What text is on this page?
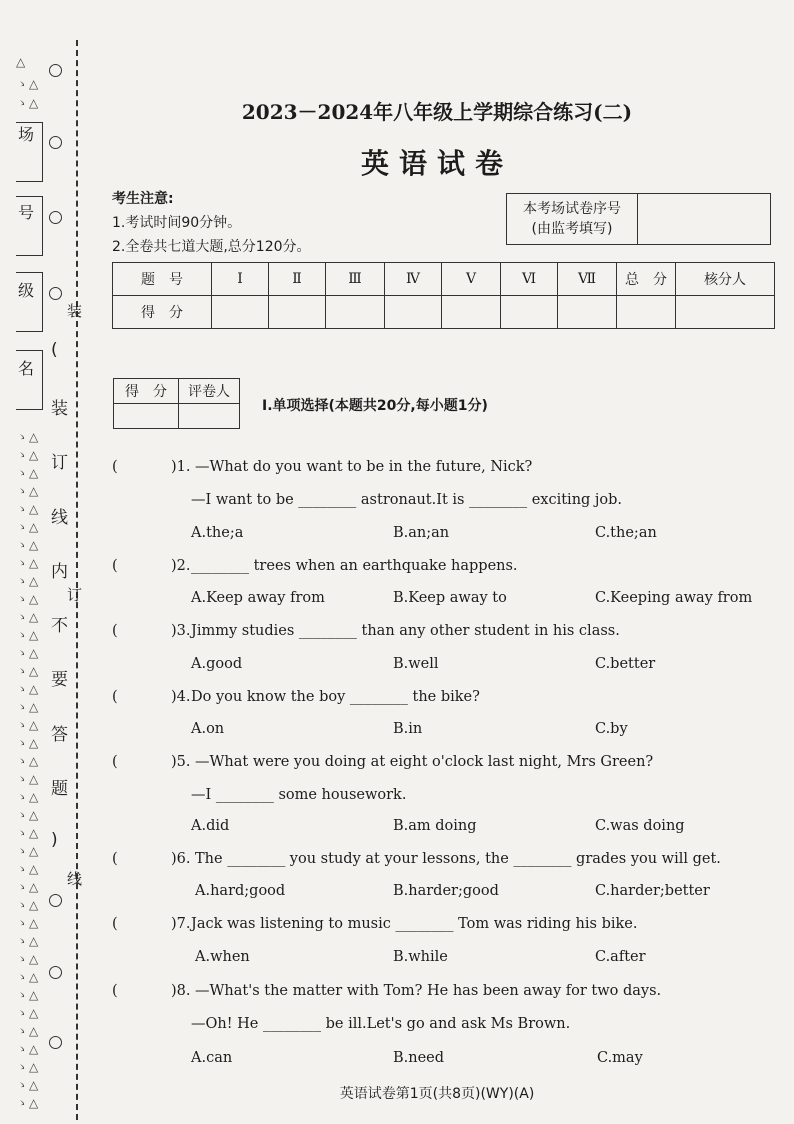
△
ゝ△
ゝ△
场
号
级
名
(
装
订
线
内
不
要
答
题
)
装
订
线
ゝ△
ゝ△
ゝ△
ゝ△
ゝ△
ゝ△
ゝ△
ゝ△
ゝ△
ゝ△
ゝ△
ゝ△
ゝ△
ゝ△
ゝ△
ゝ△
ゝ△
ゝ△
ゝ△
ゝ△
ゝ△
ゝ△
ゝ△
ゝ△
ゝ△
ゝ△
ゝ△
ゝ△
ゝ△
ゝ△
ゝ△
ゝ△
ゝ△
ゝ△
ゝ△
ゝ△
ゝ△
ゝ△
2023－2024年八年级上学期综合练习(二)
英语试卷
考生注意:
1.考试时间90分钟。
2.全卷共七道大题,总分120分。
本考场试卷序号
(由监考填写)

题　号	Ⅰ	Ⅱ	Ⅲ	Ⅳ	Ⅴ	Ⅵ	Ⅶ	总　分	核分人
得　分									
得　分	评卷人

Ⅰ.单项选择(本题共20分,每小题1分)
(	)1. —What do you want to be in the future, Nick?
—I want to be ________ astronaut.It is ________ exciting job.
A.the;a	B.an;an	C.the;an
(	)2. ________ trees when an earthquake happens.
A.Keep away from	B.Keep away to	C.Keeping away from
(	)3. Jimmy studies ________ than any other student in his class.
A.good	B.well	C.better
(	)4. Do you know the boy ________ the bike?
A.on	B.in	C.by
(	)5. —What were you doing at eight o'clock last night, Mrs Green?
—I ________ some housework.
A.did	B.am doing	C.was doing
(	)6. The ________ you study at your lessons, the ________ grades you will get.
A.hard;good	B.harder;good	C.harder;better
(	)7. Jack was listening to music ________ Tom was riding his bike.
A.when	B.while	C.after
(	)8. —What's the matter with Tom? He has been away for two days.
—Oh! He ________ be ill.Let's go and ask Ms Brown.
A.can	B.need	C.may
英语试卷第1页(共8页)(WY)(A)
